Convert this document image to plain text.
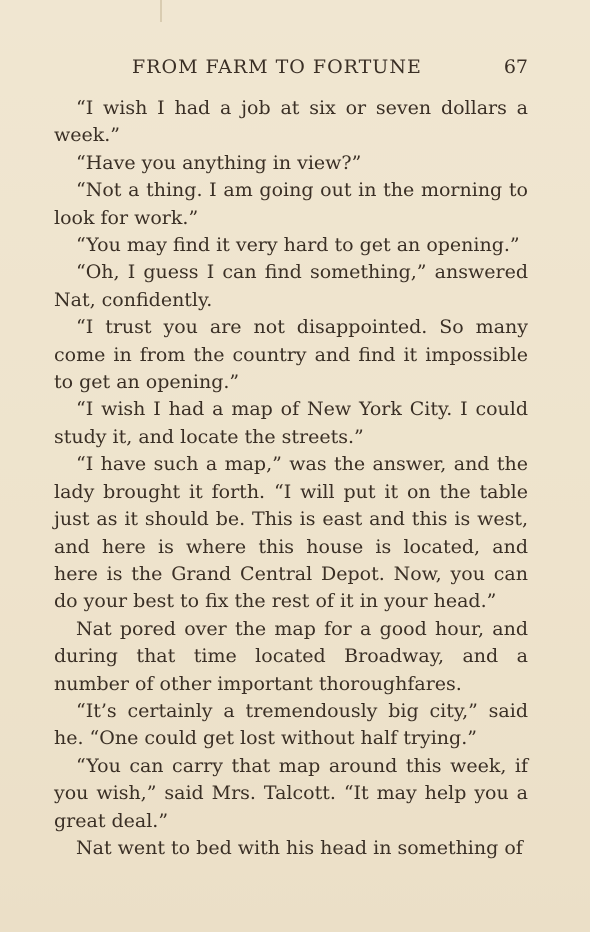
FROM FARM TO FORTUNE	67

“I wish I had a job at six or seven dollars a week.”

“Have you anything in view?”

“Not a thing. I am going out in the morning to look for work.”

“You may find it very hard to get an opening.”

“Oh, I guess I can find something,” answered Nat, confidently.

“I trust you are not disappointed. So many come in from the country and find it impossible to get an opening.”

“I wish I had a map of New York City. I could study it, and locate the streets.”

“I have such a map,” was the answer, and the lady brought it forth. “I will put it on the table just as it should be. This is east and this is west, and here is where this house is located, and here is the Grand Central Depot. Now, you can do your best to fix the rest of it in your head.”

Nat pored over the map for a good hour, and during that time located Broadway, and a number of other important thoroughfares.

“It’s certainly a tremendously big city,” said he. “One could get lost without half trying.”

“You can carry that map around this week, if you wish,” said Mrs. Talcott. “It may help you a great deal.”

Nat went to bed with his head in something of
